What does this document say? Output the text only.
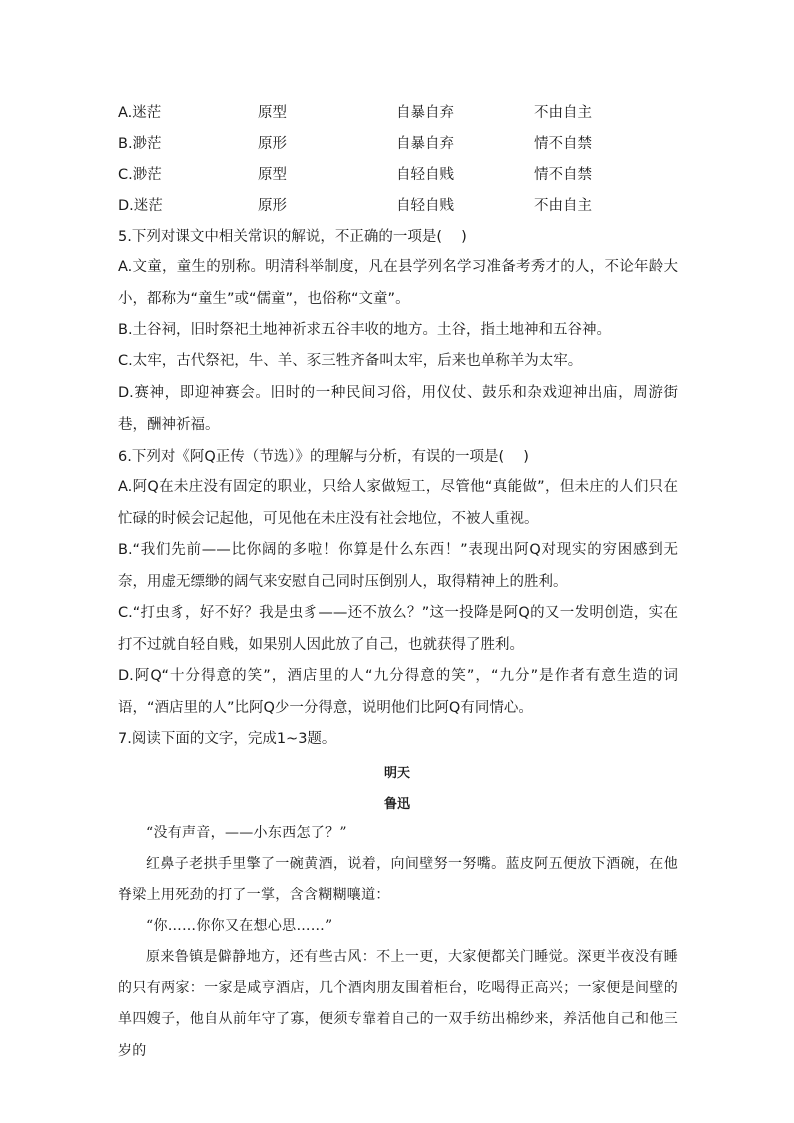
A.迷茫	原型	自暴自弃	不由自主
B.渺茫	原形	自暴自弃	情不自禁
C.渺茫	原型	自轻自贱	情不自禁
D.迷茫	原形	自轻自贱	不由自主
5.下列对课文中相关常识的解说，不正确的一项是(　 )
A.文童，童生的别称。明清科举制度，凡在县学列名学习准备考秀才的人，不论年龄大小，都称为“童生”或“儒童”，也俗称“文童”。
B.土谷祠，旧时祭祀土地神祈求五谷丰收的地方。土谷，指土地神和五谷神。
C.太牢，古代祭祀，牛、羊、豕三牲齐备叫太牢，后来也单称羊为太牢。
D.赛神，即迎神赛会。旧时的一种民间习俗，用仪仗、鼓乐和杂戏迎神出庙，周游街巷，酬神祈福。
6.下列对《阿Q正传（节选）》的理解与分析，有误的一项是(　 )
A.阿Q在未庄没有固定的职业，只给人家做短工，尽管他“真能做”，但未庄的人们只在忙碌的时候会记起他，可见他在未庄没有社会地位，不被人重视。
B.“我们先前——比你阔的多啦！你算是什么东西！”表现出阿Q对现实的穷困感到无奈，用虚无缥缈的阔气来安慰自己同时压倒别人，取得精神上的胜利。
C.“打虫豸，好不好？我是虫豸——还不放么？”这一投降是阿Q的又一发明创造，实在打不过就自轻自贱，如果别人因此放了自己，也就获得了胜利。
D.阿Q“十分得意的笑”，酒店里的人“九分得意的笑”，“九分”是作者有意生造的词语，“酒店里的人”比阿Q少一分得意，说明他们比阿Q有同情心。
7.阅读下面的文字，完成1~3题。
明天
鲁迅
“没有声音，——小东西怎了？”
红鼻子老拱手里擎了一碗黄酒，说着，向间壁努一努嘴。蓝皮阿五便放下酒碗，在他脊梁上用死劲的打了一掌，含含糊糊嚷道：
“你……你你又在想心思……”
原来鲁镇是僻静地方，还有些古风：不上一更，大家便都关门睡觉。深更半夜没有睡的只有两家：一家是咸亨酒店，几个酒肉朋友围着柜台，吃喝得正高兴；一家便是间壁的单四嫂子，他自从前年守了寡，便须专靠着自己的一双手纺出棉纱来，养活他自己和他三岁的
